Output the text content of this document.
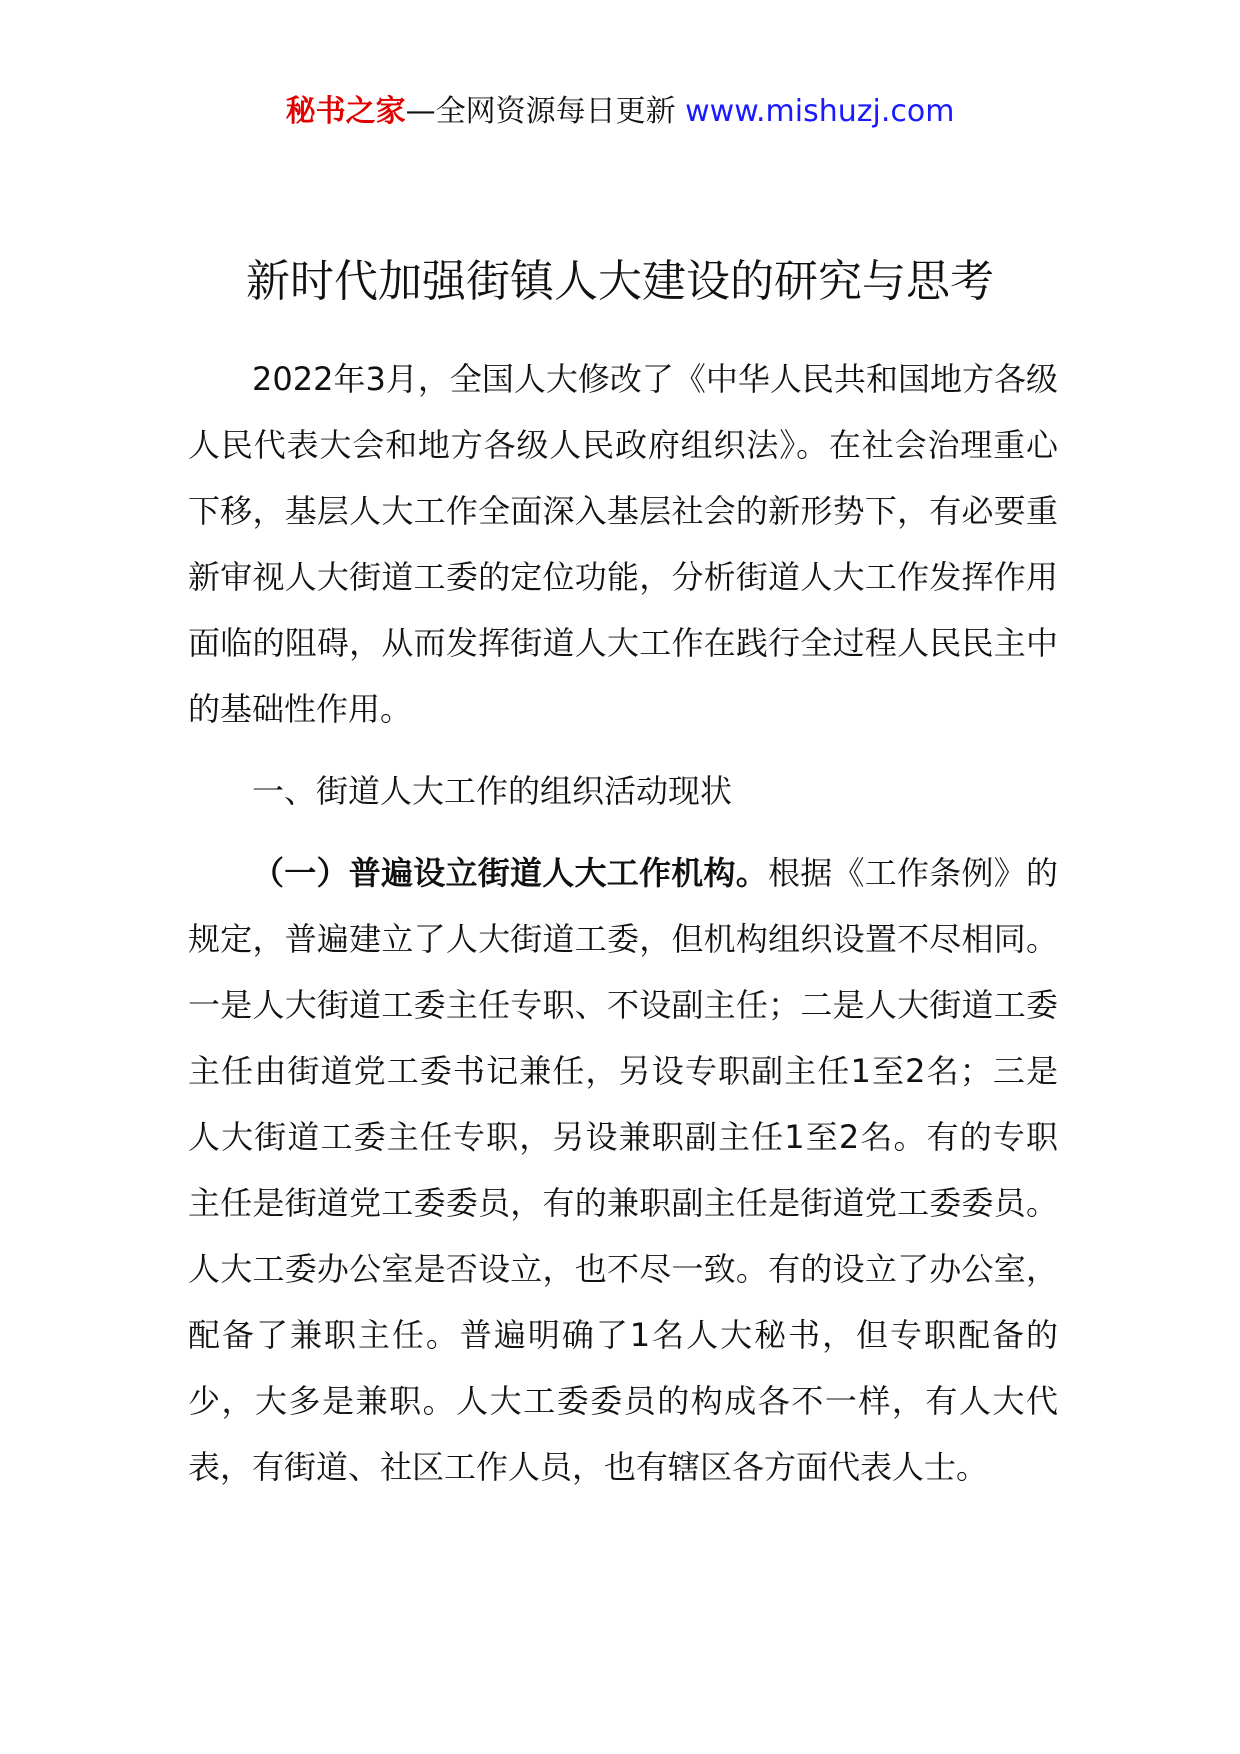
秘书之家—全网资源每日更新 www.mishuzj.com
新时代加强街镇人大建设的研究与思考

2022年3月，全国人大修改了《中华人民共和国地方各级人民代表大会和地方各级人民政府组织法》。在社会治理重心下移，基层人大工作全面深入基层社会的新形势下，有必要重新审视人大街道工委的定位功能，分析街道人大工作发挥作用面临的阻碍，从而发挥街道人大工作在践行全过程人民民主中的基础性作用。

一、街道人大工作的组织活动现状

（一）普遍设立街道人大工作机构。根据《工作条例》的规定，普遍建立了人大街道工委，但机构组织设置不尽相同。一是人大街道工委主任专职、不设副主任；二是人大街道工委主任由街道党工委书记兼任，另设专职副主任1至2名；三是人大街道工委主任专职，另设兼职副主任1至2名。有的专职主任是街道党工委委员，有的兼职副主任是街道党工委委员。人大工委办公室是否设立，也不尽一致。有的设立了办公室，配备了兼职主任。普遍明确了1名人大秘书，但专职配备的少，大多是兼职。人大工委委员的构成各不一样，有人大代表，有街道、社区工作人员，也有辖区各方面代表人士。
